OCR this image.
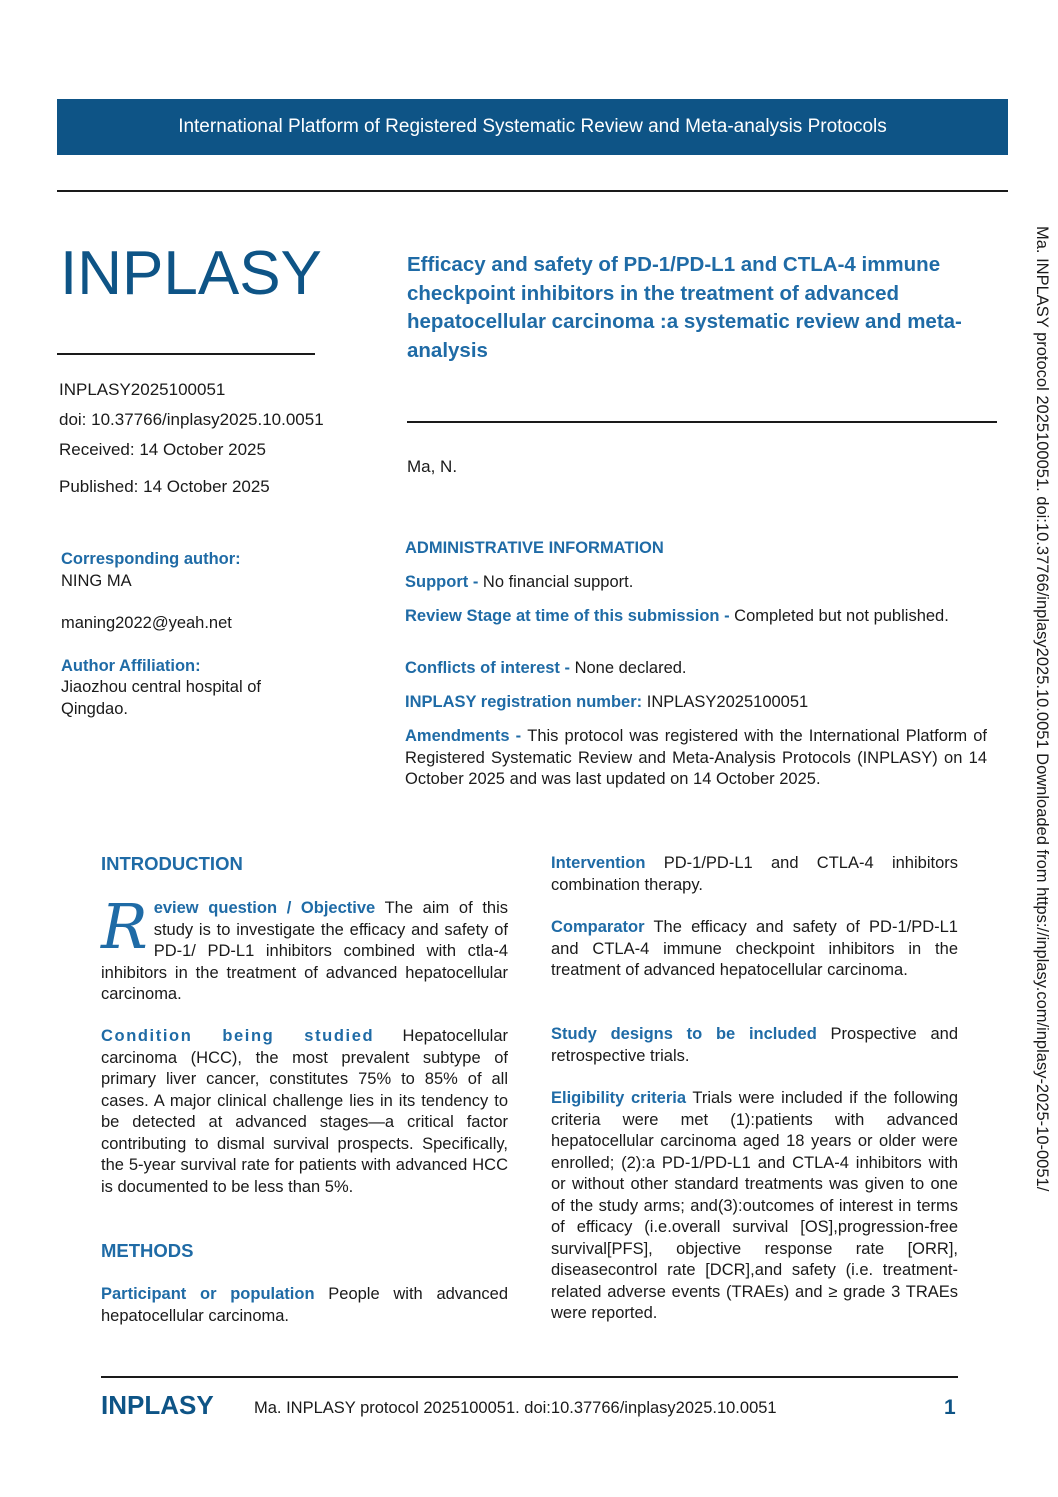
International Platform of Registered Systematic Review and Meta-analysis Protocols
INPLASY	Efficacy and safety of PD-1/PD-L1 and CTLA-4 immune checkpoint inhibitors in the treatment of advanced hepatocellular carcinoma :a systematic review and meta-analysis
INPLASY2025100051
doi: 10.37766/inplasy2025.10.0051
Received: 14 October 2025
Published: 14 October 2025
Ma, N.
Corresponding author:
NING MA
maning2022@yeah.net
Author Affiliation:
Jiaozhou central hospital of Qingdao.
ADMINISTRATIVE INFORMATION
Support - No financial support.
Review Stage at time of this submission - Completed but not published.
Conflicts of interest - None declared.
INPLASY registration number: INPLASY2025100051
Amendments - This protocol was registered with the International Platform of Registered Systematic Review and Meta-Analysis Protocols (INPLASY) on 14 October 2025 and was last updated on 14 October 2025.
INTRODUCTION
Review question / Objective The aim of this study is to investigate the efficacy and safety of PD-1/ PD-L1 inhibitors combined with ctla-4 inhibitors in the treatment of advanced hepatocellular carcinoma.
Condition being studied Hepatocellular carcinoma (HCC), the most prevalent subtype of primary liver cancer, constitutes 75% to 85% of all cases. A major clinical challenge lies in its tendency to be detected at advanced stages—a critical factor contributing to dismal survival prospects. Specifically, the 5-year survival rate for patients with advanced HCC is documented to be less than 5%.
METHODS
Participant or population People with advanced hepatocellular carcinoma.
Intervention PD-1/PD-L1 and CTLA-4 inhibitors combination therapy.
Comparator The efficacy and safety of PD-1/PD-L1 and CTLA-4 immune checkpoint inhibitors in the treatment of advanced hepatocellular carcinoma.
Study designs to be included Prospective and retrospective trials.
Eligibility criteria Trials were included if the following criteria were met (1):patients with advanced hepatocellular carcinoma aged 18 years or older were enrolled; (2):a PD-1/PD-L1 and CTLA-4 inhibitors with or without other standard treatments was given to one of the study arms; and(3):outcomes of interest in terms of efficacy (i.e.overall survival [OS],progression-free survival[PFS], objective response rate [ORR], diseasecontrol rate [DCR],and safety (i.e. treatment-related adverse events (TRAEs) and ≥ grade 3 TRAEs were reported.
INPLASY Ma. INPLASY protocol 2025100051. doi:10.37766/inplasy2025.10.0051	1
Ma. INPLASY protocol 2025100051. doi:10.37766/inplasy2025.10.0051 Downloaded from https://inplasy.com/inplasy-2025-10-0051/
